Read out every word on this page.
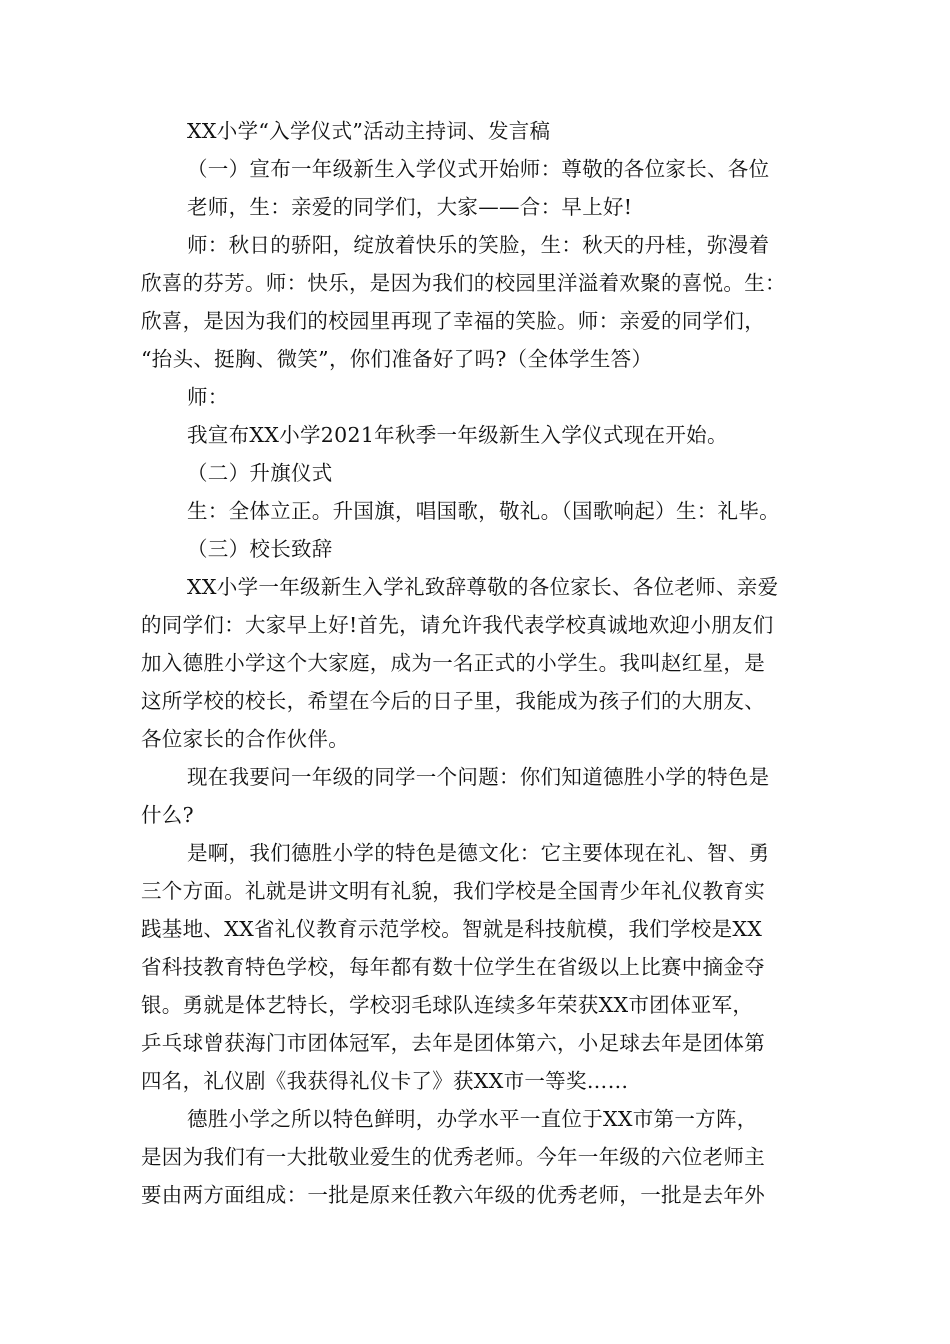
XX小学“入学仪式”活动主持词、发言稿
（一）宣布一年级新生入学仪式开始师：尊敬的各位家长、各位
老师，生：亲爱的同学们，大家——合：早上好!
师：秋日的骄阳，绽放着快乐的笑脸，生：秋天的丹桂，弥漫着
欣喜的芬芳。师：快乐，是因为我们的校园里洋溢着欢聚的喜悦。生：
欣喜，是因为我们的校园里再现了幸福的笑脸。师：亲爱的同学们，
“抬头、挺胸、微笑”，你们准备好了吗?（全体学生答）
师：
我宣布XX小学2021年秋季一年级新生入学仪式现在开始。
（二）升旗仪式
生：全体立正。升国旗，唱国歌，敬礼。（国歌响起）生：礼毕。
（三）校长致辞
XX小学一年级新生入学礼致辞尊敬的各位家长、各位老师、亲爱
的同学们：大家早上好!首先，请允许我代表学校真诚地欢迎小朋友们
加入德胜小学这个大家庭，成为一名正式的小学生。我叫赵红星，是
这所学校的校长，希望在今后的日子里，我能成为孩子们的大朋友、
各位家长的合作伙伴。
现在我要问一年级的同学一个问题：你们知道德胜小学的特色是
什么?
是啊，我们德胜小学的特色是德文化：它主要体现在礼、智、勇
三个方面。礼就是讲文明有礼貌，我们学校是全国青少年礼仪教育实
践基地、XX省礼仪教育示范学校。智就是科技航模，我们学校是XX
省科技教育特色学校，每年都有数十位学生在省级以上比赛中摘金夺
银。勇就是体艺特长，学校羽毛球队连续多年荣获XX市团体亚军，
乒乓球曾获海门市团体冠军，去年是团体第六，小足球去年是团体第
四名，礼仪剧《我获得礼仪卡了》获XX市一等奖……
德胜小学之所以特色鲜明，办学水平一直位于XX市第一方阵，
是因为我们有一大批敬业爱生的优秀老师。今年一年级的六位老师主
要由两方面组成：一批是原来任教六年级的优秀老师，一批是去年外
